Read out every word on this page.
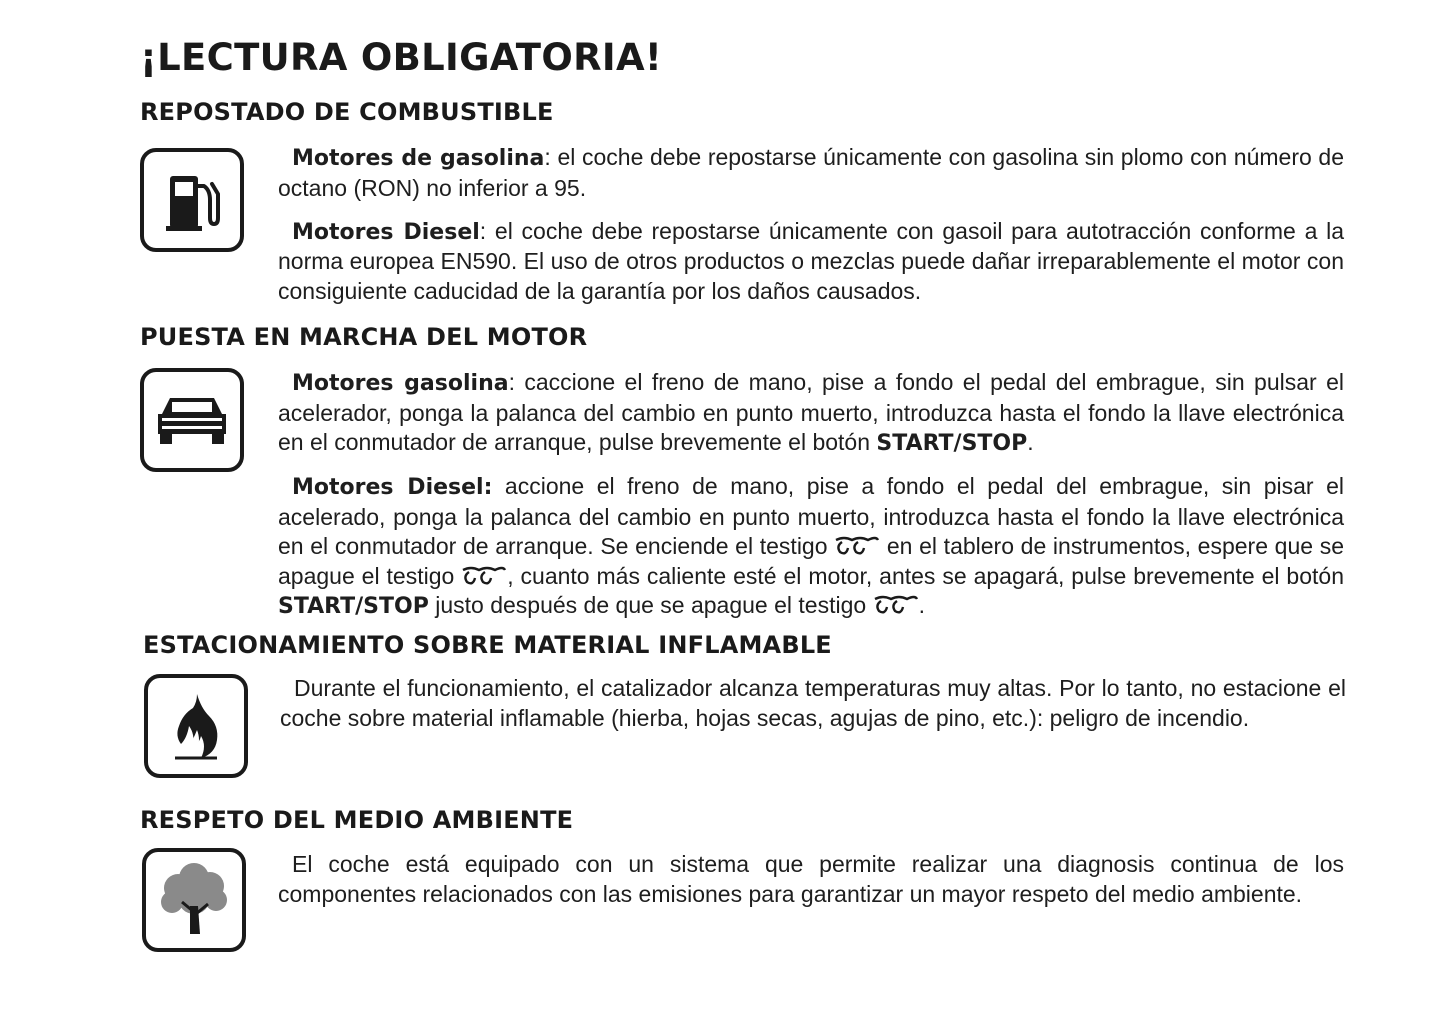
¡LECTURA OBLIGATORIA!
REPOSTADO DE COMBUSTIBLE

Motores de gasolina: el coche debe repostarse únicamente con gasolina sin plomo con número de octano (RON) no inferior a 95.

Motores Diesel: el coche debe repostarse únicamente con gasoil para autotracción conforme a la norma europea EN590. El uso de otros productos o mezclas puede dañar irreparablemente el motor con consiguiente caducidad de la garantía por los daños causados.

PUESTA EN MARCHA DEL MOTOR

Motores gasolina: caccione el freno de mano, pise a fondo el pedal del embrague, sin pulsar el acelerador, ponga la palanca del cambio en punto muerto, introduzca hasta el fondo la llave electrónica en el conmutador de arranque, pulse brevemente el botón START/STOP.

Motores Diesel: accione el freno de mano, pise a fondo el pedal del embrague, sin pisar el acelerado, ponga la palanca del cambio en punto muerto, introduzca hasta el fondo la llave electrónica en el conmutador de arranque. Se enciende el testigo  en el tablero de instrumentos, espere que se apague el testigo , cuanto más caliente esté el motor, antes se apagará, pulse brevemente el botón START/STOP justo después de que se apague el testigo .

ESTACIONAMIENTO SOBRE MATERIAL INFLAMABLE

Durante el funcionamiento, el catalizador alcanza temperaturas muy altas. Por lo tanto, no estacione el coche sobre material inflamable (hierba, hojas secas, agujas de pino, etc.): peligro de incendio.

RESPETO DEL MEDIO AMBIENTE

El coche está equipado con un sistema que permite realizar una diagnosis continua de los componentes relacionados con las emisiones para garantizar un mayor respeto del medio ambiente.
